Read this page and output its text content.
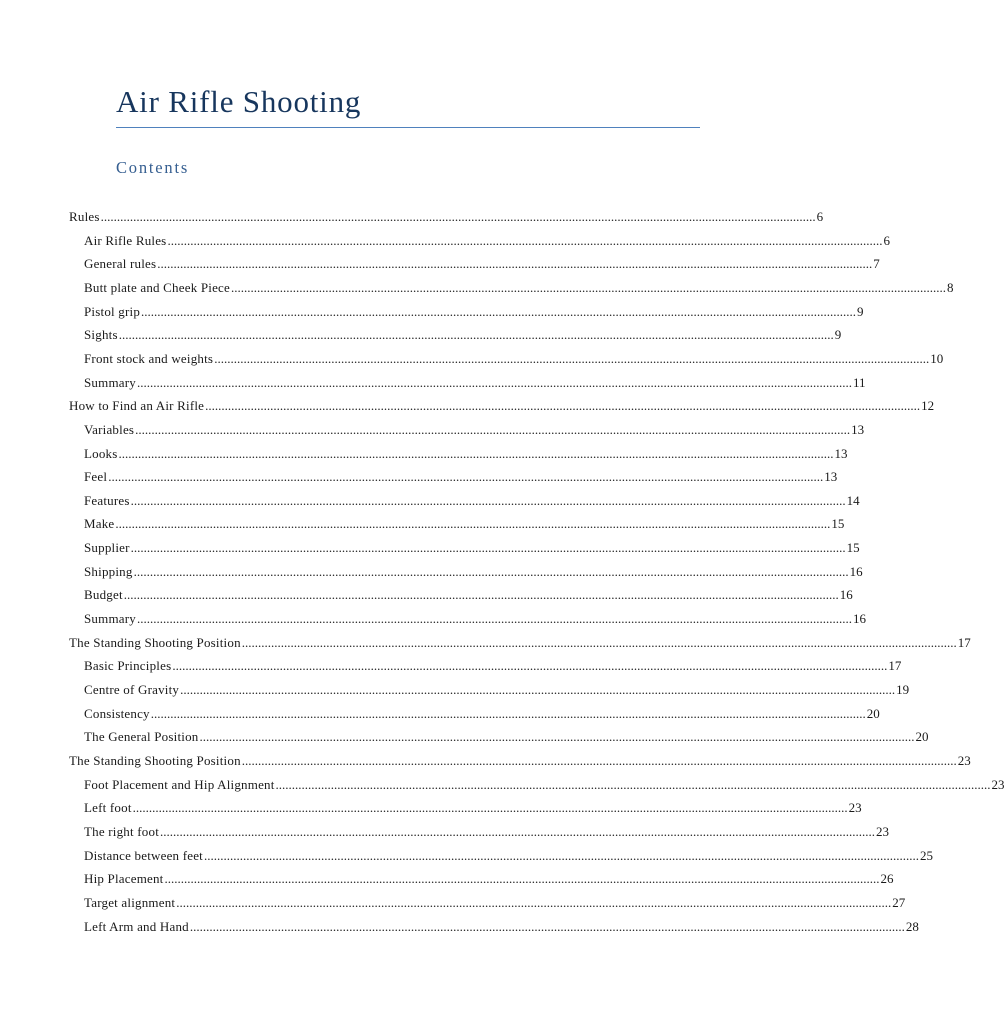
Air Rifle Shooting
Contents
Rules ............................................................................................................................................................................................................................ 6
Air Rifle Rules ............................................................................................................................................................................................................................ 6
General rules ............................................................................................................................................................................................................................ 7
Butt plate and Cheek Piece ............................................................................................................................................................................................................................ 8
Pistol grip ............................................................................................................................................................................................................................ 9
Sights ............................................................................................................................................................................................................................ 9
Front stock and weights ............................................................................................................................................................................................................................ 10
Summary ............................................................................................................................................................................................................................ 11
How to Find an Air Rifle ............................................................................................................................................................................................................................ 12
Variables ............................................................................................................................................................................................................................ 13
Looks ............................................................................................................................................................................................................................ 13
Feel ............................................................................................................................................................................................................................ 13
Features ............................................................................................................................................................................................................................ 14
Make ............................................................................................................................................................................................................................ 15
Supplier ............................................................................................................................................................................................................................ 15
Shipping ............................................................................................................................................................................................................................ 16
Budget ............................................................................................................................................................................................................................ 16
Summary ............................................................................................................................................................................................................................ 16
The Standing Shooting Position ............................................................................................................................................................................................................................ 17
Basic Principles ............................................................................................................................................................................................................................ 17
Centre of Gravity ............................................................................................................................................................................................................................ 19
Consistency ............................................................................................................................................................................................................................ 20
The General Position ............................................................................................................................................................................................................................ 20
The Standing Shooting Position ............................................................................................................................................................................................................................ 23
Foot Placement and Hip Alignment ............................................................................................................................................................................................................................ 23
Left foot ............................................................................................................................................................................................................................ 23
The right foot ............................................................................................................................................................................................................................ 23
Distance between feet ............................................................................................................................................................................................................................ 25
Hip Placement ............................................................................................................................................................................................................................ 26
Target alignment ............................................................................................................................................................................................................................ 27
Left Arm and Hand ............................................................................................................................................................................................................................ 28
